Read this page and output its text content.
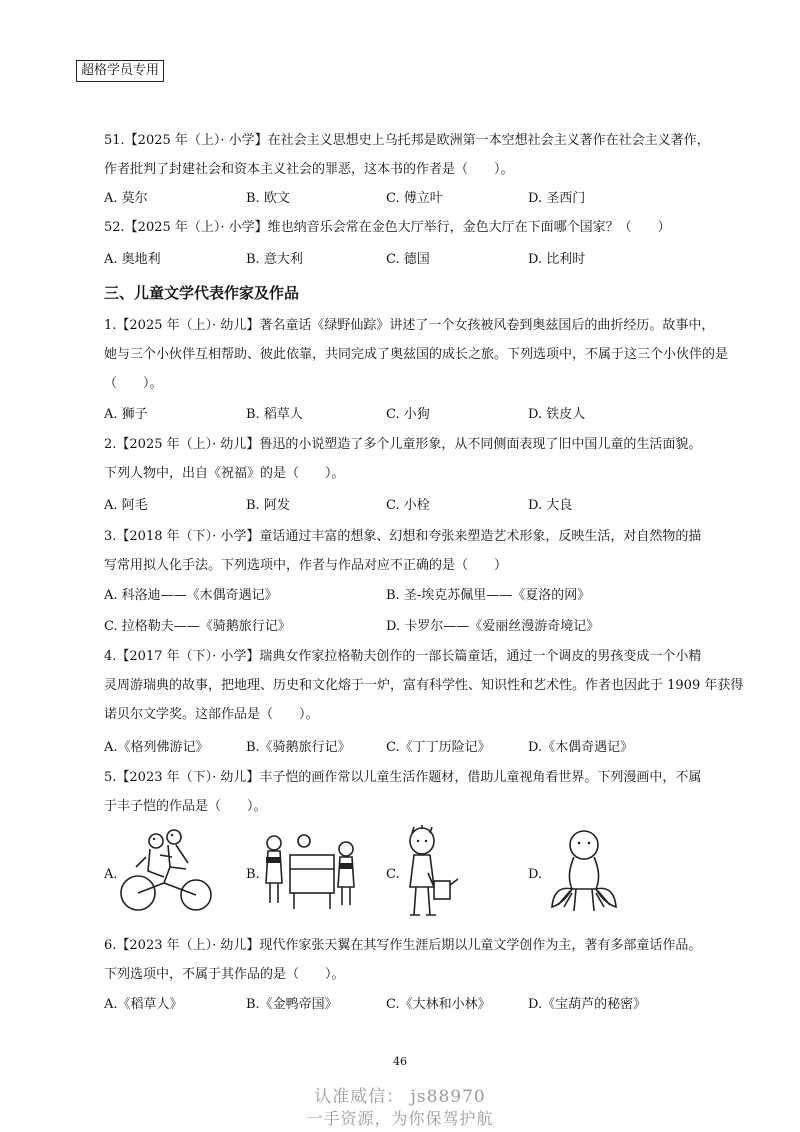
超格学员专用
51.【2025 年（上）· 小学】在社会主义思想史上乌托邦是欧洲第一本空想社会主义著作在社会主义著作，
作者批判了封建社会和资本主义社会的罪恶，这本书的作者是（　　）。
A. 莫尔	B. 欧文	C. 傅立叶	D. 圣西门
52.【2025 年（上）· 小学】维也纳音乐会常在金色大厅举行，金色大厅在下面哪个国家？（　　）
A. 奥地利	B. 意大利	C. 德国	D. 比利时
三、儿童文学代表作家及作品
1.【2025 年（上）· 幼儿】著名童话《绿野仙踪》讲述了一个女孩被风卷到奥兹国后的曲折经历。故事中，
她与三个小伙伴互相帮助、彼此依靠，共同完成了奥兹国的成长之旅。下列选项中，不属于这三个小伙伴的是
（　　）。
A. 狮子	B. 稻草人	C. 小狗	D. 铁皮人
2.【2025 年（上）· 幼儿】鲁迅的小说塑造了多个儿童形象，从不同侧面表现了旧中国儿童的生活面貌。
下列人物中，出自《祝福》的是（　　）。
A. 阿毛	B. 阿发	C. 小栓	D. 大良
3.【2018 年（下）· 小学】童话通过丰富的想象、幻想和夸张来塑造艺术形象，反映生活，对自然物的描
写常用拟人化手法。下列选项中，作者与作品对应不正确的是（　　）
A. 科洛迪——《木偶奇遇记》	B. 圣-埃克苏佩里——《夏洛的网》
C. 拉格勒夫——《骑鹅旅行记》	D. 卡罗尔——《爱丽丝漫游奇境记》
4.【2017 年（下）· 小学】瑞典女作家拉格勒夫创作的一部长篇童话，通过一个调皮的男孩变成一个小精
灵周游瑞典的故事，把地理、历史和文化熔于一炉，富有科学性、知识性和艺术性。作者也因此于 1909 年获得
诺贝尔文学奖。这部作品是（　　）。
A.《格列佛游记》	B.《骑鹅旅行记》	C.《丁丁历险记》	D.《木偶奇遇记》
5.【2023 年（下）· 幼儿】丰子恺的画作常以儿童生活作题材，借助儿童视角看世界。下列漫画中，不属
于丰子恺的作品是（　　）。
A.	B.	C.	D.
6.【2023 年（上）· 幼儿】现代作家张天翼在其写作生涯后期以儿童文学创作为主，著有多部童话作品。
下列选项中，不属于其作品的是（　　）。
A.《稻草人》	B.《金鸭帝国》	C.《大林和小林》	D.《宝葫芦的秘密》
46
认准威信： js88970
一手资源，为你保驾护航
